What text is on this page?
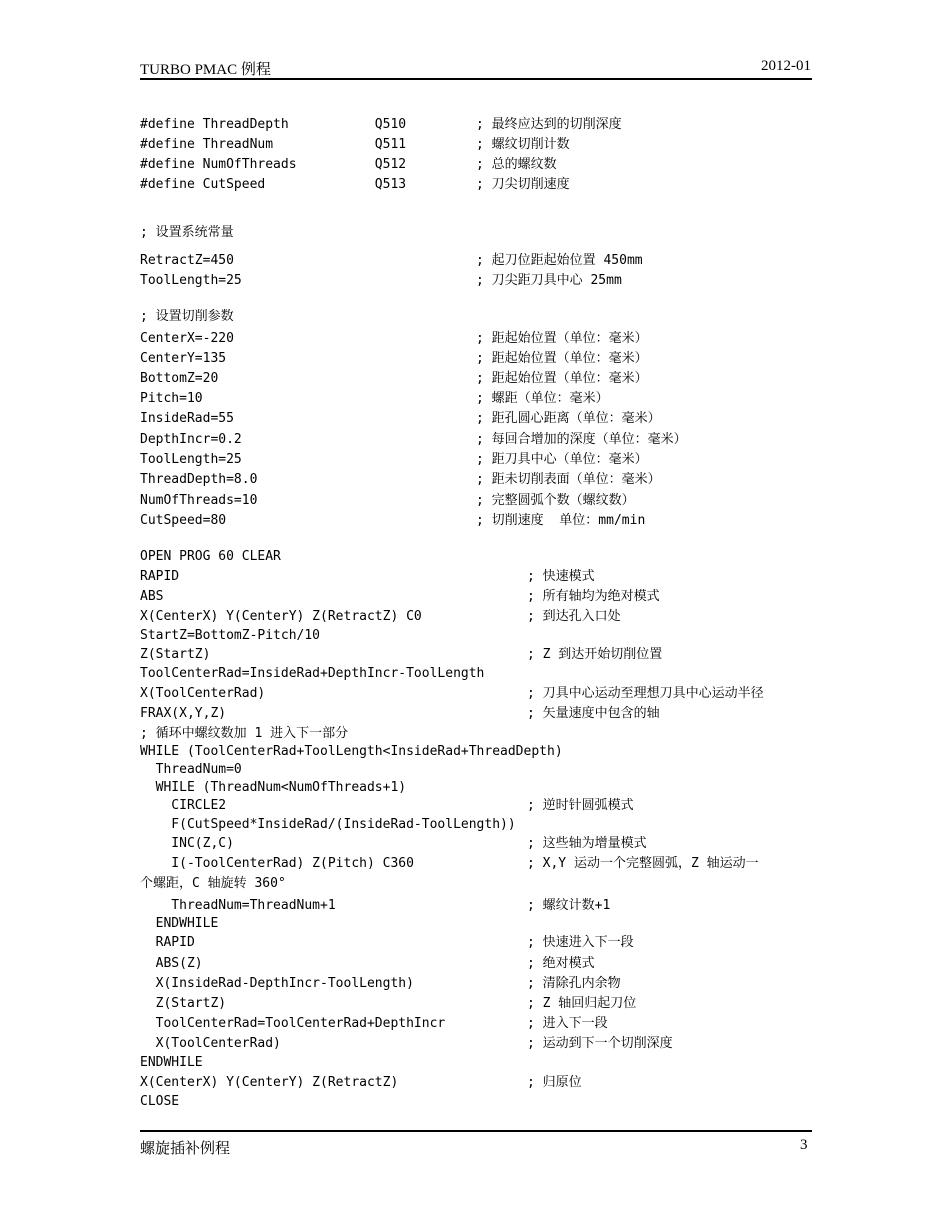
TURBO PMAC 例程	2012-01
#define ThreadDepth           Q510	; 最终应达到的切削深度
#define ThreadNum             Q511	; 螺纹切削计数
#define NumOfThreads          Q512	; 总的螺纹数
#define CutSpeed              Q513	; 刀尖切削速度
; 设置系统常量
RetractZ=450	; 起刀位距起始位置 450mm
ToolLength=25	; 刀尖距刀具中心 25mm
; 设置切削参数
CenterX=-220	; 距起始位置（单位：毫米）
CenterY=135	; 距起始位置（单位：毫米）
BottomZ=20	; 距起始位置（单位：毫米）
Pitch=10	; 螺距（单位：毫米）
InsideRad=55	; 距孔圆心距离（单位：毫米）
DepthIncr=0.2	; 每回合增加的深度（单位：毫米）
ToolLength=25	; 距刀具中心（单位：毫米）
ThreadDepth=8.0	; 距未切削表面（单位：毫米）
NumOfThreads=10	; 完整圆弧个数（螺纹数）
CutSpeed=80	; 切削速度  单位：mm/min
OPEN PROG 60 CLEAR
RAPID	; 快速模式
ABS	; 所有轴均为绝对模式
X(CenterX) Y(CenterY) Z(RetractZ) C0	; 到达孔入口处
StartZ=BottomZ-Pitch/10
Z(StartZ)	; Z 到达开始切削位置
ToolCenterRad=InsideRad+DepthIncr-ToolLength
X(ToolCenterRad)	; 刀具中心运动至理想刀具中心运动半径
FRAX(X,Y,Z)	; 矢量速度中包含的轴
; 循环中螺纹数加 1 进入下一部分
WHILE (ToolCenterRad+ToolLength<InsideRad+ThreadDepth)
ThreadNum=0
WHILE (ThreadNum<NumOfThreads+1)
CIRCLE2	; 逆时针圆弧模式
F(CutSpeed*InsideRad/(InsideRad-ToolLength))
INC(Z,C)	; 这些轴为增量模式
I(-ToolCenterRad) Z(Pitch) C360	; X,Y 运动一个完整圆弧，Z 轴运动一
个螺距，C 轴旋转 360°
ThreadNum=ThreadNum+1	; 螺纹计数+1
ENDWHILE
RAPID	; 快速进入下一段
ABS(Z)	; 绝对模式
X(InsideRad-DepthIncr-ToolLength)	; 清除孔内余物
Z(StartZ)	; Z 轴回归起刀位
ToolCenterRad=ToolCenterRad+DepthIncr	; 进入下一段
X(ToolCenterRad)	; 运动到下一个切削深度
ENDWHILE
X(CenterX) Y(CenterY) Z(RetractZ)	; 归原位
CLOSE
螺旋插补例程	3
